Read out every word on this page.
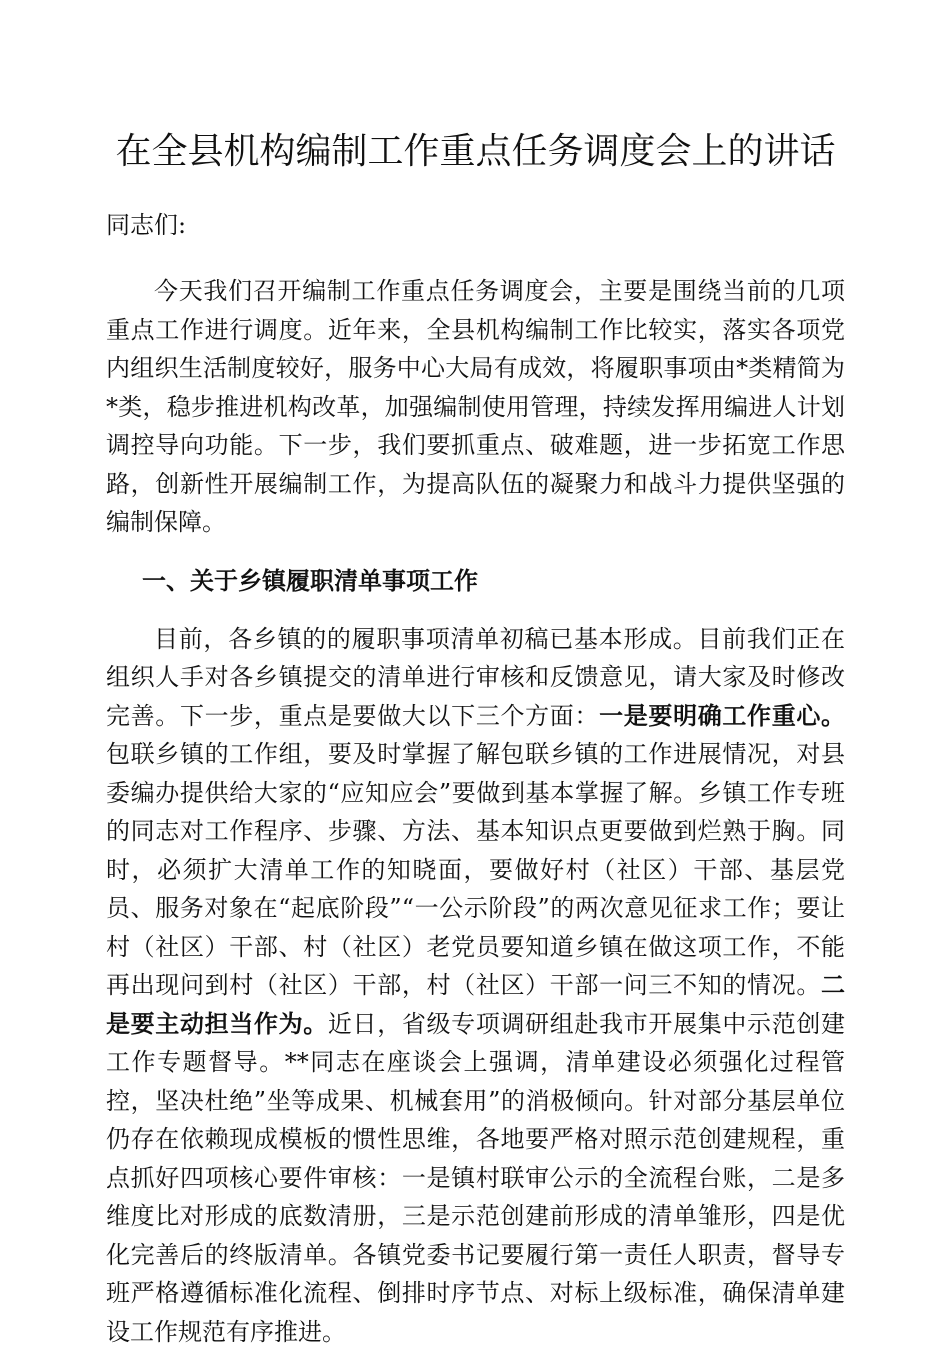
在全县机构编制工作重点任务调度会上的讲话

同志们:

今天我们召开编制工作重点任务调度会，主要是围绕当前的几项重点工作进行调度。近年来，全县机构编制工作比较实，落实各项党内组织生活制度较好，服务中心大局有成效，将履职事项由*类精简为*类，稳步推进机构改革，加强编制使用管理，持续发挥用编进人计划调控导向功能。下一步，我们要抓重点、破难题，进一步拓宽工作思路，创新性开展编制工作，为提高队伍的凝聚力和战斗力提供坚强的编制保障。

一、关于乡镇履职清单事项工作

目前，各乡镇的的履职事项清单初稿已基本形成。目前我们正在组织人手对各乡镇提交的清单进行审核和反馈意见，请大家及时修改完善。下一步，重点是要做大以下三个方面：一是要明确工作重心。包联乡镇的工作组，要及时掌握了解包联乡镇的工作进展情况，对县委编办提供给大家的“应知应会”要做到基本掌握了解。乡镇工作专班的同志对工作程序、步骤、方法、基本知识点更要做到烂熟于胸。同时，必须扩大清单工作的知晓面，要做好村（社区）干部、基层党员、服务对象在“起底阶段”“一公示阶段”的两次意见征求工作；要让村（社区）干部、村（社区）老党员要知道乡镇在做这项工作，不能再出现问到村（社区）干部，村（社区）干部一问三不知的情况。二是要主动担当作为。近日，省级专项调研组赴我市开展集中示范创建工作专题督导。**同志在座谈会上强调，清单建设必须强化过程管控，坚决杜绝”坐等成果、机械套用”的消极倾向。针对部分基层单位仍存在依赖现成模板的惯性思维，各地要严格对照示范创建规程，重点抓好四项核心要件审核：一是镇村联审公示的全流程台账，二是多维度比对形成的底数清册，三是示范创建前形成的清单雏形，四是优化完善后的终版清单。各镇党委书记要履行第一责任人职责，督导专班严格遵循标准化流程、倒排时序节点、对标上级标准，确保清单建设工作规范有序推进。
